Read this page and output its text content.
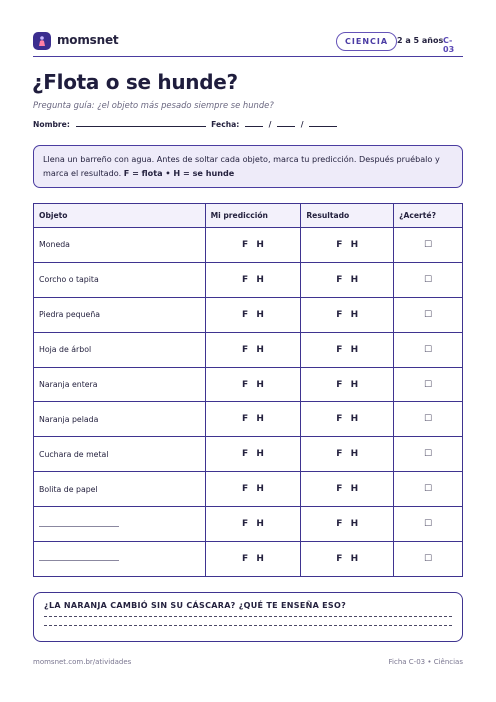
momsnet	CIENCIA	2 a 5 años C-03
¿Flota o se hunde?

Pregunta guía: ¿el objeto más pesado siempre se hunde?

Nombre:	Fecha:	/	/
Llena un barreño con agua. Antes de soltar cada objeto, marca tu predicción. Después pruébalo y marca el resultado. F = flota • H = se hunde
Objeto	Mi predicción	Resultado	¿Acerté?
Moneda	F H	F H	☐
Corcho o tapita	F H	F H	☐
Piedra pequeña	F H	F H	☐
Hoja de árbol	F H	F H	☐
Naranja entera	F H	F H	☐
Naranja pelada	F H	F H	☐
Cuchara de metal	F H	F H	☐
Bolita de papel	F H	F H	☐
	F H	F H	☐
	F H	F H	☐
¿LA NARANJA CAMBIÓ SIN SU CÁSCARA? ¿QUÉ TE ENSEÑA ESO?
momsnet.com.br/atividades	Ficha C-03 • Ciências
